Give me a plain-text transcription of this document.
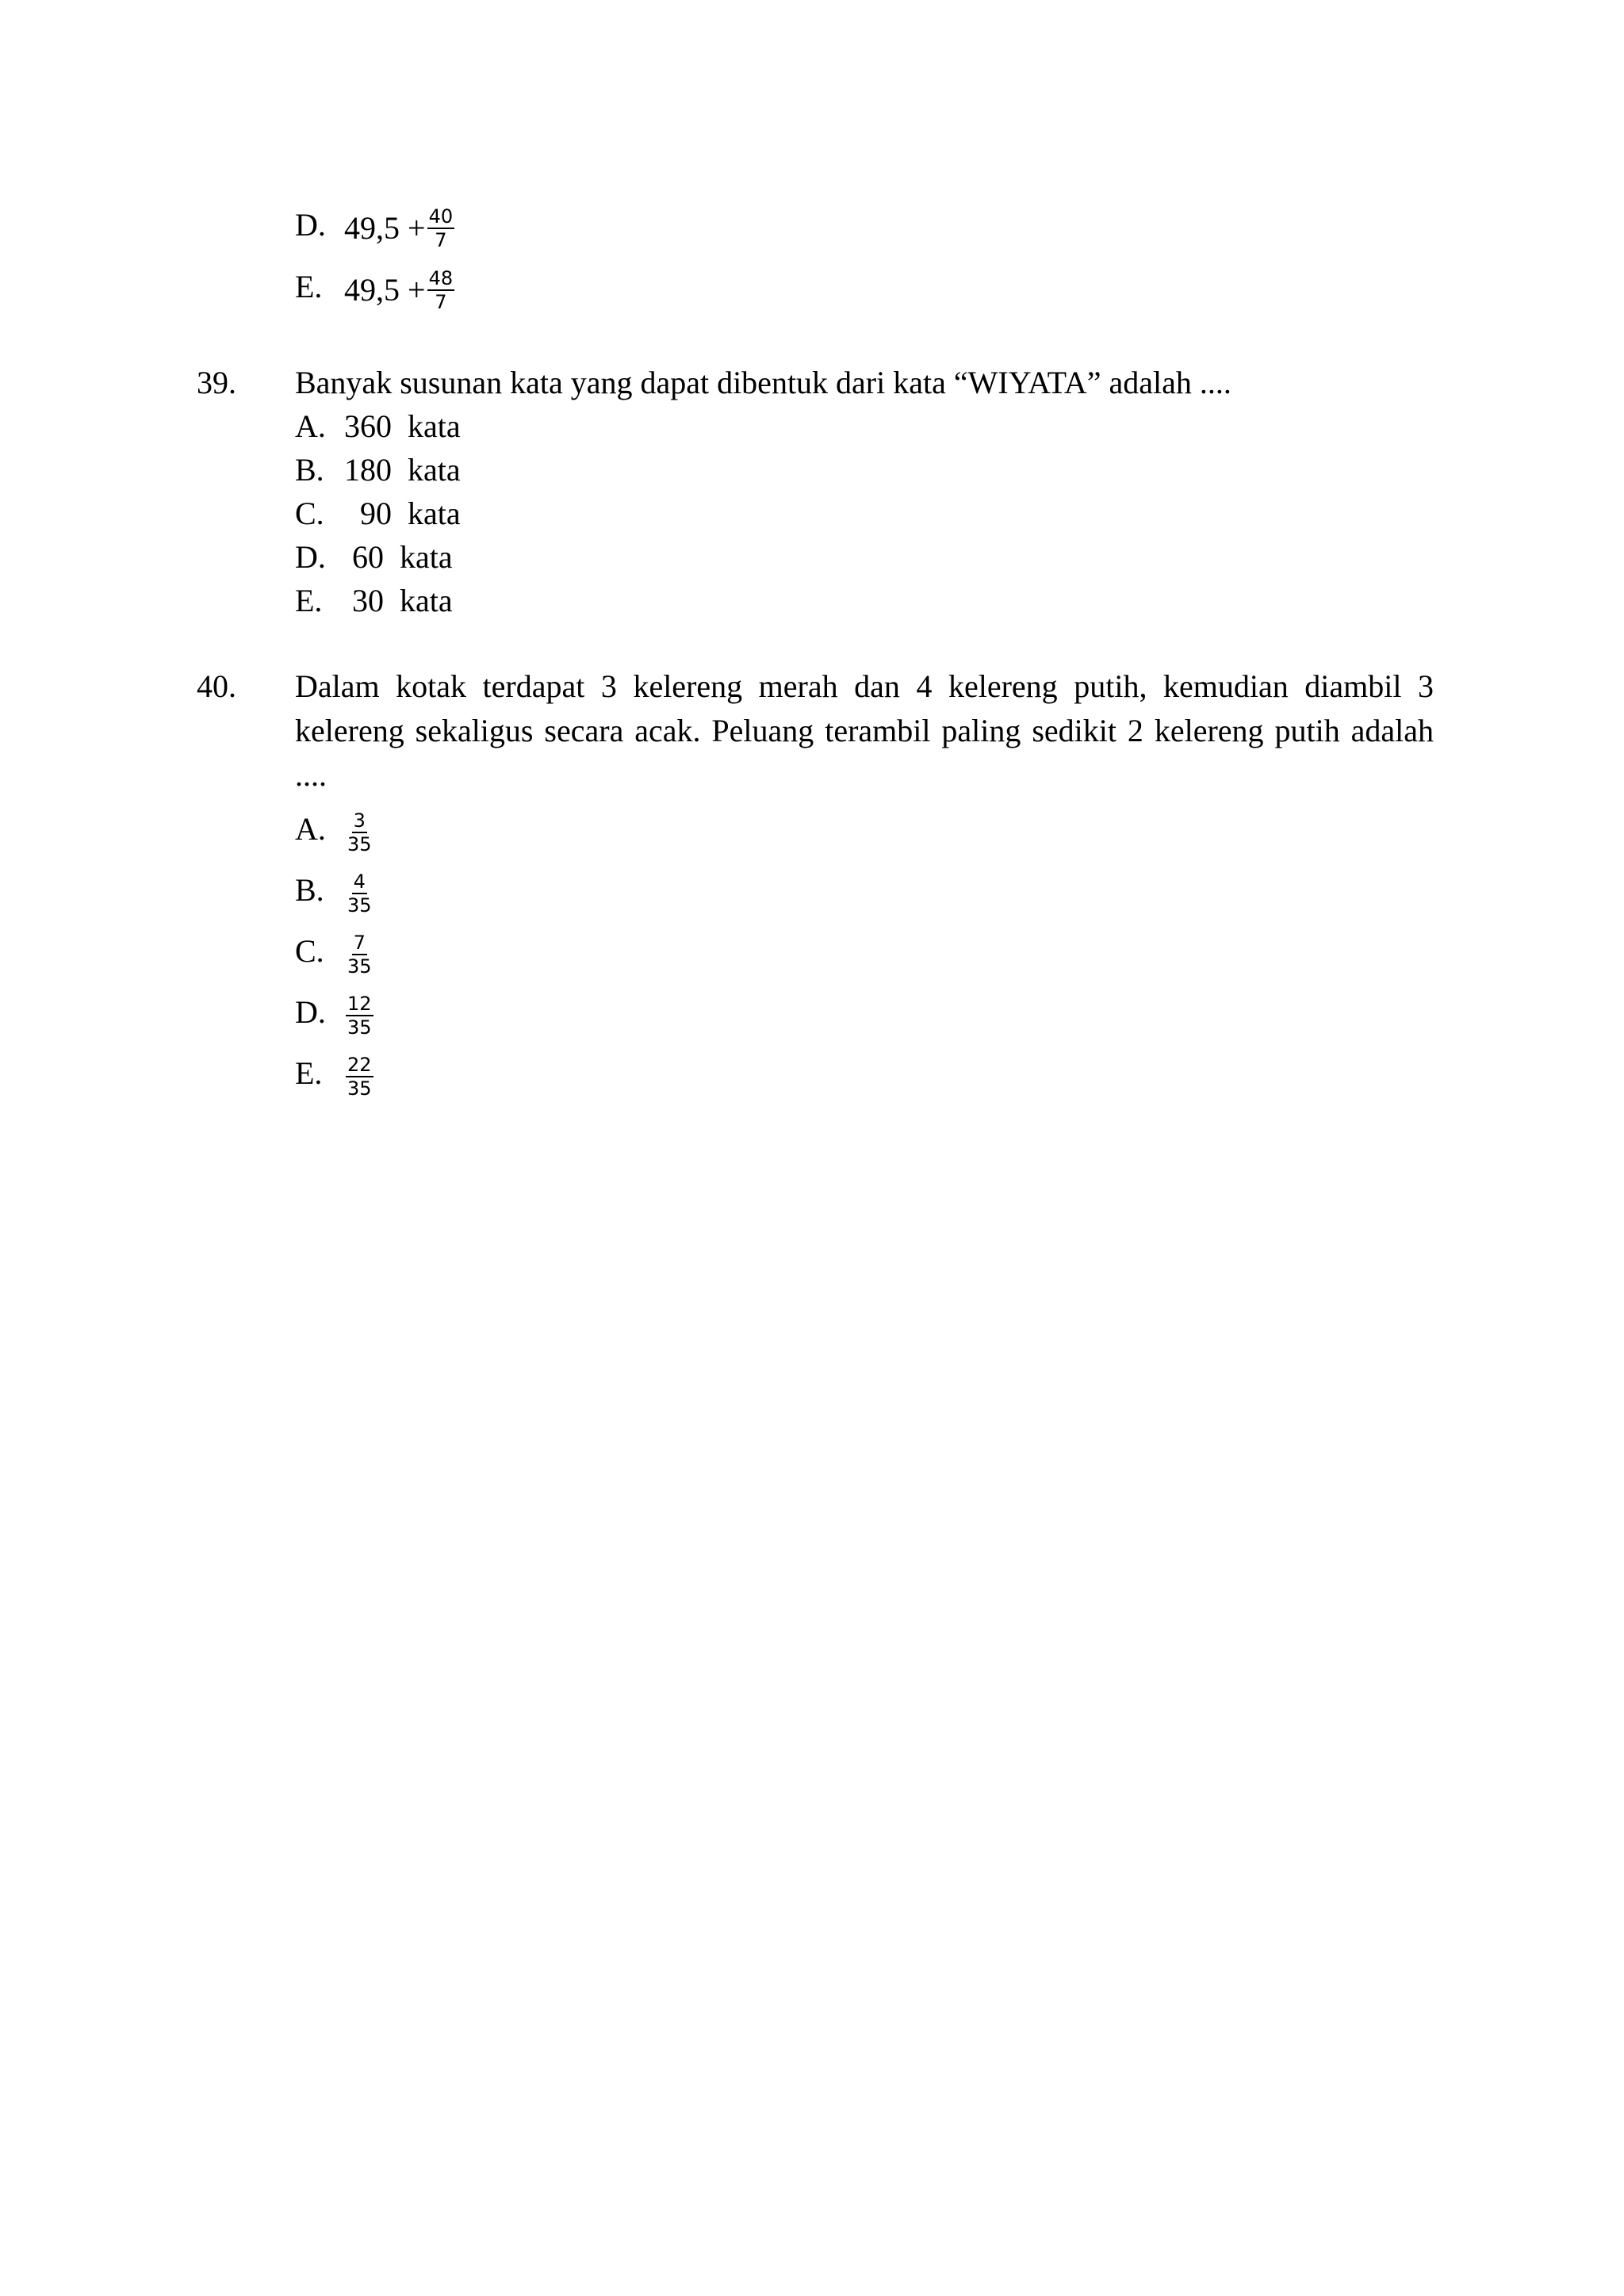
D. $49,5 + \frac{40}{7}$
E. $49,5 + \frac{48}{7}$
39. Banyak susunan kata yang dapat dibentuk dari kata “WIYATA” adalah ....
A. 360  kata
B. 180  kata
C.  90  kata
D. 60  kata
E. 30  kata
40. Dalam kotak terdapat 3 kelereng merah dan 4 kelereng putih, kemudian diambil 3 kelereng sekaligus secara acak. Peluang terambil paling sedikit 2 kelereng putih adalah ....
A. $\frac{3}{35}$
B. $\frac{4}{35}$
C. $\frac{7}{35}$
D. $\frac{12}{35}$
E. $\frac{22}{35}$
